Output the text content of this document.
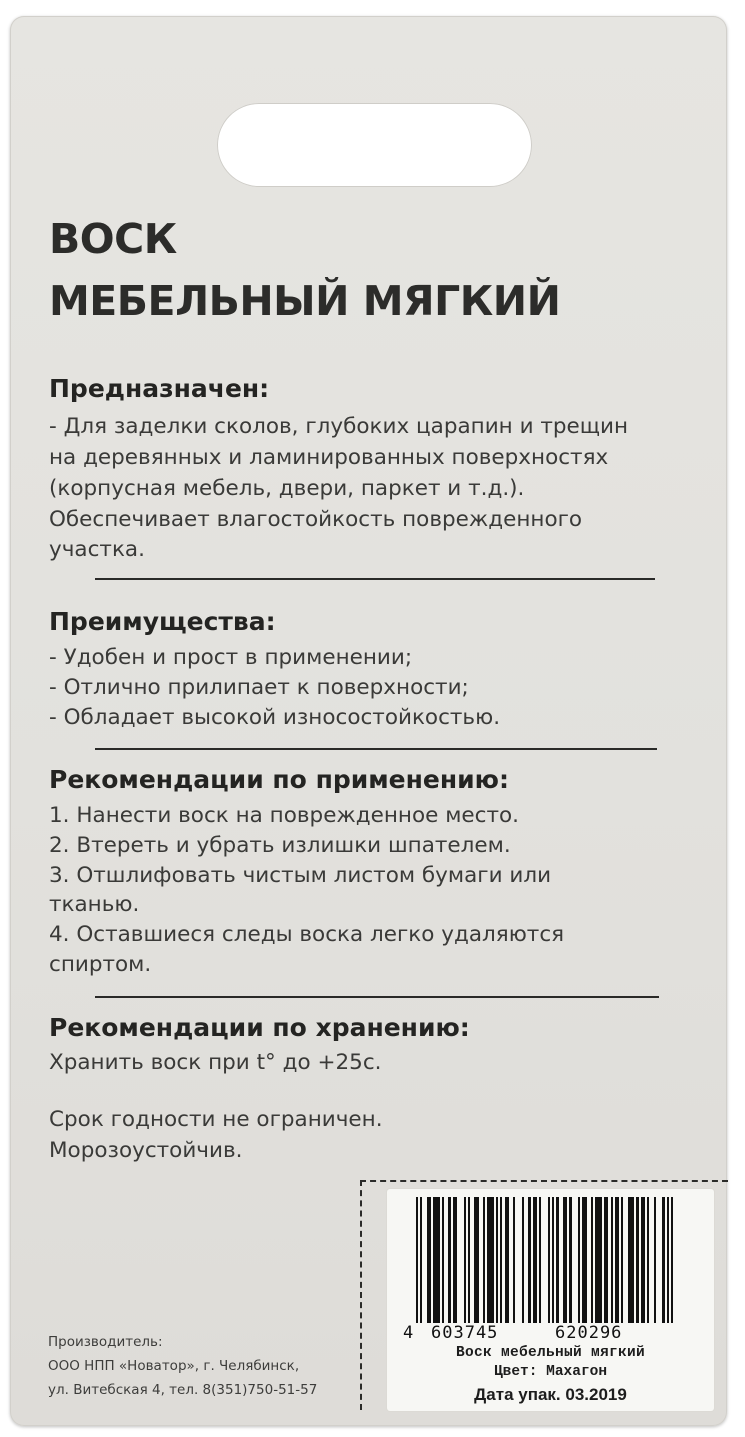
ВОСК
МЕБЕЛЬНЫЙ МЯГКИЙ
Предназначен:
- Для заделки сколов, глубоких царапин и трещин
на деревянных и ламинированных поверхностях
(корпусная мебель, двери, паркет и т.д.).
Обеспечивает влагостойкость поврежденного
участка.
Преимущества:
- Удобен и прост в применении;
- Отлично прилипает к поверхности;
- Обладает высокой износостойкостью.
Рекомендации по применению:
1. Нанести воск на поврежденное место.
2. Втереть и убрать излишки шпателем.
3. Отшлифовать чистым листом бумаги или
тканью.
4. Оставшиеся следы воска легко удаляются
спиртом.
Рекомендации по хранению:
Хранить воск при t° до +25с.
Срок годности не ограничен.
Морозоустойчив.
Производитель:
ООО НПП «Новатор», г. Челябинск,
ул. Витебская 4, тел. 8(351)750-51-57
4 603745	620296
Воск мебельный мягкий
Цвет: Махагон
Дата упак. 03.2019
